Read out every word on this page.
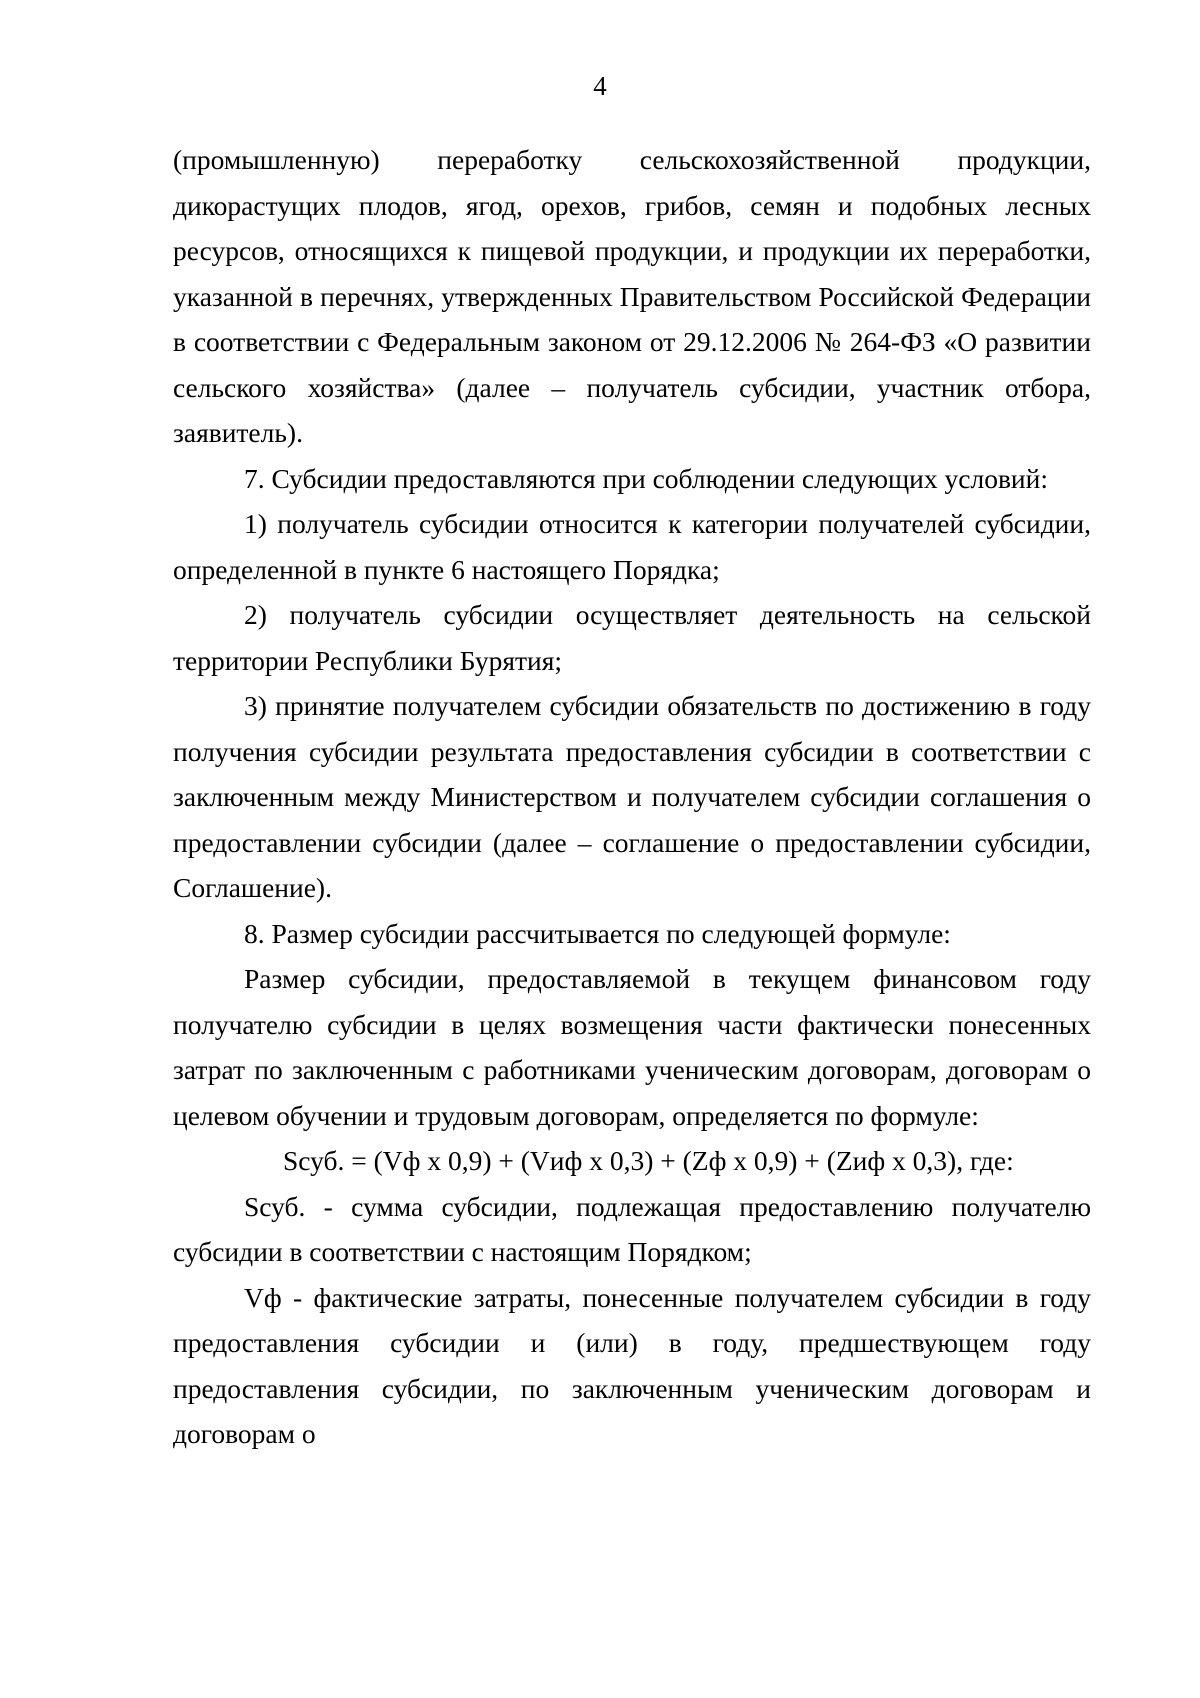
4

(промышленную) переработку сельскохозяйственной продукции, дикорастущих плодов, ягод, орехов, грибов, семян и подобных лесных ресурсов, относящихся к пищевой продукции, и продукции их переработки, указанной в перечнях, утвержденных Правительством Российской Федерации в соответствии с Федеральным законом от 29.12.2006 № 264-ФЗ «О развитии сельского хозяйства» (далее – получатель субсидии, участник отбора, заявитель).

7. Субсидии предоставляются при соблюдении следующих условий:

1) получатель субсидии относится к категории получателей субсидии, определенной в пункте 6 настоящего Порядка;

2) получатель субсидии осуществляет деятельность на сельской территории Республики Бурятия;

3) принятие получателем субсидии обязательств по достижению в году получения субсидии результата предоставления субсидии в соответствии с заключенным между Министерством и получателем субсидии соглашения о предоставлении субсидии (далее – соглашение о предоставлении субсидии, Соглашение).

8. Размер субсидии рассчитывается по следующей формуле:

Размер субсидии, предоставляемой в текущем финансовом году получателю субсидии в целях возмещения части фактически понесенных затрат по заключенным с работниками ученическим договорам, договорам о целевом обучении и трудовым договорам, определяется по формуле:

Sсуб. = (Vф x 0,9) + (Vиф x 0,3) + (Zф x 0,9) + (Zиф x 0,3), где:

Sсуб. - сумма субсидии, подлежащая предоставлению получателю субсидии в соответствии с настоящим Порядком;

Vф - фактические затраты, понесенные получателем субсидии в году предоставления субсидии и (или) в году, предшествующем году предоставления субсидии, по заключенным ученическим договорам и договорам о
